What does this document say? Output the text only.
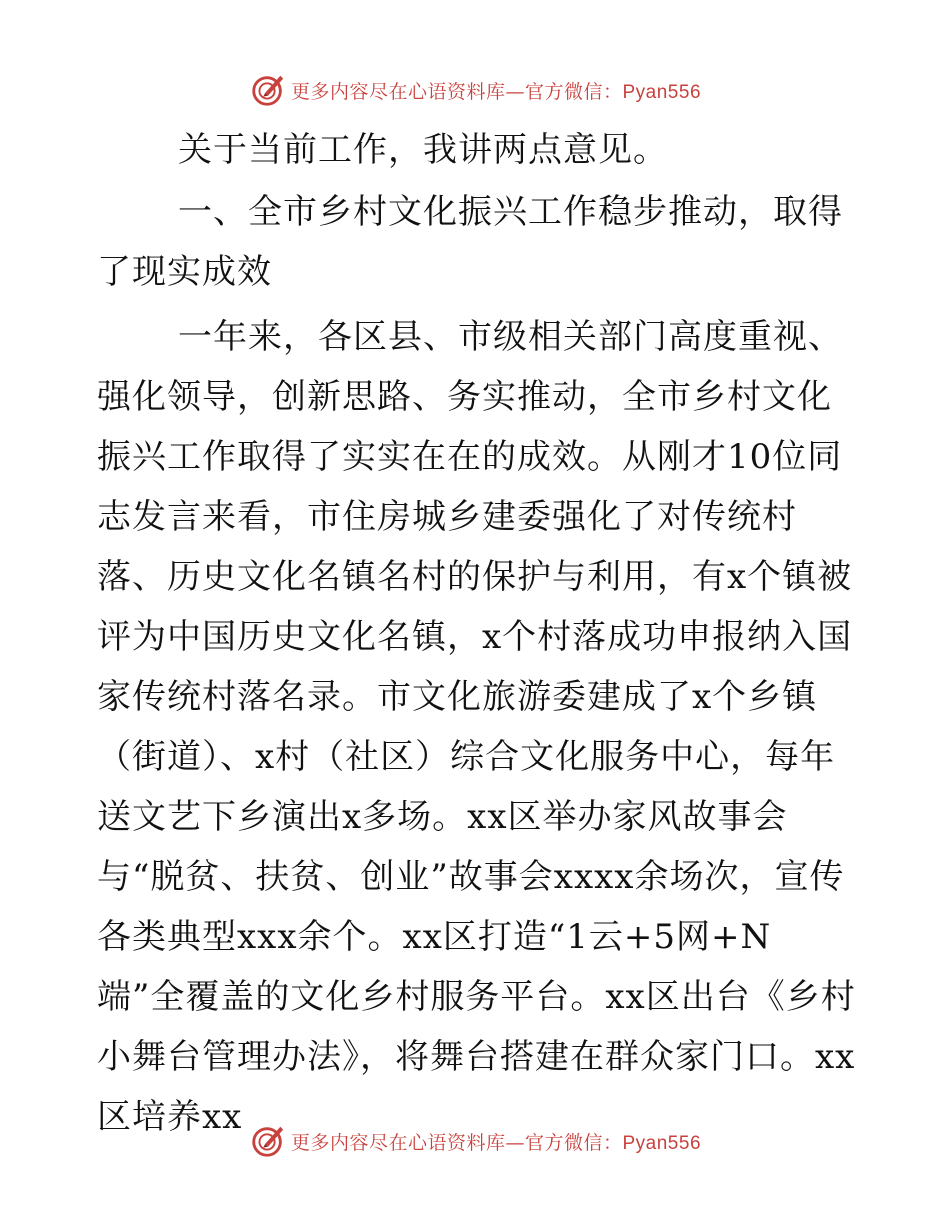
更多内容尽在心语资料库—官方微信：Pyan556

关于当前工作，我讲两点意见。

一、全市乡村文化振兴工作稳步推动，取得了现实成效

一年来，各区县、市级相关部门高度重视、强化领导，创新思路、务实推动，全市乡村文化振兴工作取得了实实在在的成效。从刚才10位同志发言来看，市住房城乡建委强化了对传统村落、历史文化名镇名村的保护与利用，有x个镇被评为中国历史文化名镇，x个村落成功申报纳入国家传统村落名录。市文化旅游委建成了x个乡镇（街道）、x村（社区）综合文化服务中心，每年送文艺下乡演出x多场。xx区举办家风故事会与“脱贫、扶贫、创业”故事会xxxx余场次，宣传各类典型xxx余个。xx区打造“1云+5网+N端”全覆盖的文化乡村服务平台。xx区出台《乡村小舞台管理办法》，将舞台搭建在群众家门口。xx区培养xx

更多内容尽在心语资料库—官方微信：Pyan556
